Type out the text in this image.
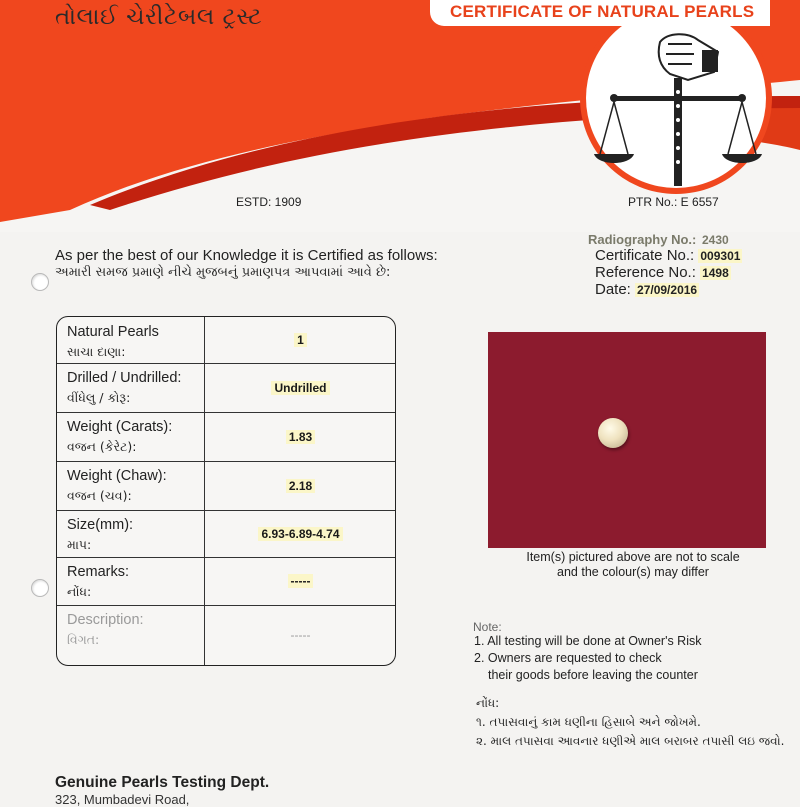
CERTIFICATE OF NATURAL PEARLS
તોલાઈ ચેરીટેબલ ટ્રસ્ટ
ESTD: 1909	PTR No.: E 6557
As per the best of our Knowledge it is Certified as follows:
અમારી સમજ પ્રમાણે નીચે મુજબનું પ્રમાણપત્ર આપવામાં આવે છે:
Radiography No.: 2430
Certificate No.: 009301
Reference No.: 1498
Date: 27/09/2016
Natural Pearls
સાચા દાણા:
1
Drilled / Undrilled:
વીંધેલુ / કોરૂ:
Undrilled
Weight (Carats):
વજન (કેરેટ):
1.83
Weight (Chaw):
વજન (ચવ):
2.18
Size(mm):
માપ:
6.93-6.89-4.74
Remarks:
નોંધ:
-----
Description:
વિગત:	-----
Item(s) pictured above are not to scale
and the colour(s) may differ
Note:
1. All testing will be done at Owner's Risk
2. Owners are requested to check
their goods before leaving the counter
નોંધ:
૧. તપાસવાનું કામ ધણીના હિસાબે અને જોખમે.
૨. માલ તપાસવા આવનાર ધણીએ માલ બરાબર તપાસી લઇ જવો.
Genuine Pearls Testing Dept.
323, Mumbadevi Road,
